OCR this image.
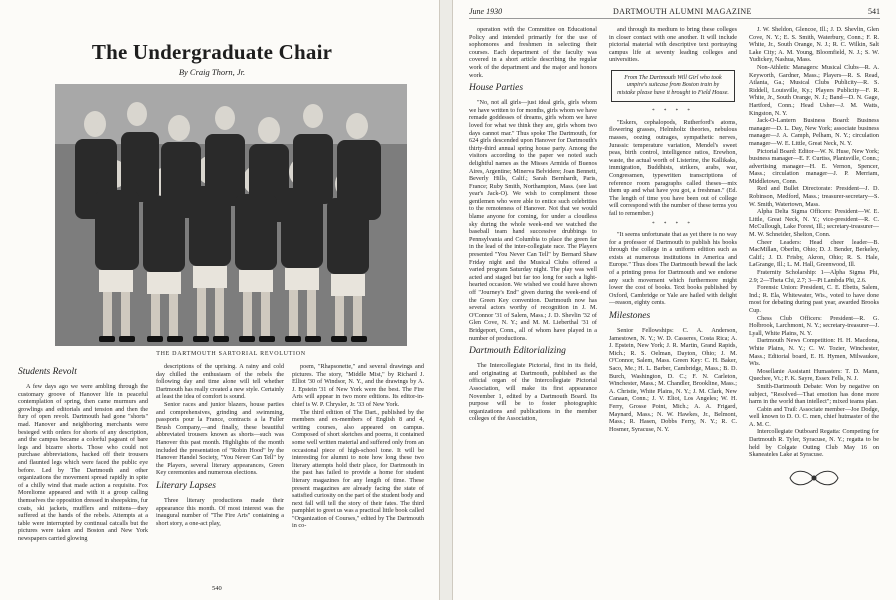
The Undergraduate Chair
By Craig Thorn, Jr.
THE DARTMOUTH SARTORIAL REVOLUTION
Students Revolt

A few days ago we were ambling through the customary groove of Hanover life in peaceful contemplation of spring, then came murmurs and growlings and editorials and tension and then the fury of open revolt. Dartmouth had gone "shorts" mad. Hanover and neighboring merchants were besieged with orders for shorts of any description, and the campus became a colorful pageant of bare legs and bizarre shorts. Those who could not purchase abbreviations, hacked off their trousers and flaunted legs which were faced the public eye before. Led by The Dartmouth and other organizations the movement spread rapidly in spite of a chilly wind that made action a requisite. Fox Moreliome appeared and with it a group calling themselves the opposition dressed in sheepskins, fur coats, ski jackets, mufflers and mittens—they suffered at the hands of the rebels. Attempts at a table were interrupted by continual catcalls but the pictures were taken and Boston and New York newspapers carried glowing

descriptions of the uprising. A rainy and cold day chilled the enthusiasm of the rebels the following day and time alone will tell whether Dartmouth has really created a new style. Certainly at least the idea of comfort is sound.

Senior races and junior blazers, house parties and comprehensives, grinding and swimming, passports pour la France, contracts a la Fuller Brush Company,—and finally, these beautiful abbreviated trousers known as shorts—such was Hanover this past month. Highlights of the month included the presentation of "Robin Hood" by the Hanover Handel Society, "You Never Can Tell" by the Players, several literary appearances, Green Key ceremonies and numerous elections.

Literary Lapses

Three literary productions made their appearance this month. Of most interest was the inaugural number of "The Fire Arts" containing a short story, a one-act play,

poem, "Rhapsonette," and several drawings and pictures. The story, "Middle Mist," by Richard J. Elliot '30 of Windsor, N. Y., and the drawings by A. J. Epstein '31 of New York were the best. The Fire Arts will appear in two more editions. Its editor-in-chief is W. P. Chrysler, Jr. '33 of New York.

The third edition of The Dart., published by the members and ex-members of English 8 and 4, writing courses, also appeared on campus. Composed of short sketches and poems, it contained some well written material and suffered only from an occasional piece of high-school tone. It will be interesting for alumni to note how long these two literary attempts hold their place, for Dartmouth in the past has failed to provide a home for student literary magazines for any length of time. These present magazines are already facing the state of satisfied curiosity on the part of the student body and next fall will tell the story of their fates. The third pamphlet to greet us was a practical little book called "Organization of Courses," edited by The Dartmouth in co-

540
June 1930	DARTMOUTH ALUMNI MAGAZINE	541

operation with the Committee on Educational Policy and intended primarily for the use of sophomores and freshmen in selecting their courses. Each department of the faculty was covered in a short article describing the regular work of the department and the major and honors work.

House Parties

"No, not all girls—just ideal girls, girls whom we have written to for months, girls whom we have remade goddesses of dreams, girls whom we have loved for what we think they are, girls whom two days cannot mar." Thus spoke The Dartmouth, for 624 girls descended upon Hanover for Dartmouth's thirty-third annual spring house party. Among the visitors according to the paper we noted such delightful names as the Misses Armida of Buenos Aires, Argentine; Minerva Belvidere; Joan Bennett, Beverly Hills, Calif.; Sarah Bernhardt, Paris, France; Ruby Smith, Northampton, Mass. (see last year's Jack-O). We wish to compliment those gentlemen who were able to entice such celebrities to the remoteness of Hanover. Not that we would blame anyone for coming, for under a cloudless sky during the whole week-end we watched the baseball team hand successive drubbings to Pennsylvania and Columbia to place the green far in the lead of the inter-collegiate race. The Players presented "You Never Can Tell" by Bernard Shaw Friday night and the Musical Clubs offered a varied program Saturday night. The play was well acted and staged but far too long for such a light-hearted occasion. We wished we could have shown off "Journey's End" given during the week-end of the Green Key convention. Dartmouth now has several actors worthy of recognition in J. M. O'Connor '31 of Salem, Mass.; J. D. Shevlin '32 of Glen Cove, N. Y.; and M. M. Lieberthal '31 of Bridgeport, Conn., all of whom have played in a number of productions.

Dartmouth Editorializing

The Intercollegiate Pictorial, first in its field, and originating at Dartmouth, published as the official organ of the Intercollegiate Pictorial Association, will make its first appearance November 1, edited by a Dartmouth Board. Its purpose will be to foster photographic organizations and publications in the member colleges of the Association,

and through its medium to bring these colleges in closer contact with one another. It will include pictorial material with descriptive text portraying campus life at seventy leading colleges and universities.

From The Dartmouth Will Girl who took umpire's suitcase from Boston train by mistake please have it brought to Field House.
* * * *

"Eskers, cephalopods, Rutherford's atoms, flowering grasses, Helmholtz theories, nebulous masses, oozing outrages, sympathetic nerves, Jurassic temperature variation, Mendel's sweet peas, birth control, intelligence ratios, Erewhon, waste, the actual worth of Listerine, the Kallikaks, immigration, Buddhists, strikers, arabs, war, Congressmen, typewritten transcriptions of reference room paragraphs called theses—mix them up and what have you got, a freshman." (Ed. The length of time you have been out of college will correspond with the number of these terms you fail to remember.)

* * * *

"It seems unfortunate that as yet there is no way for a professor of Dartmouth to publish his books through the college in a uniform edition such as exists at numerous institutions in America and Europe." Thus does The Dartmouth bewail the lack of a printing press for Dartmouth and we endorse any such movement which furthermore might lower the cost of books. Text books published by Oxford, Cambridge or Yale are hailed with delight—reason, eighty cents.

Milestones

Senior Fellowships: C. A. Anderson, Jamestown, N. Y.; W. D. Casseres, Costa Rica; A. J. Epstein, New York; J. R. Martin, Grand Rapids, Mich.; R. S. Oelman, Dayton, Ohio; J. M. O'Connor, Salem, Mass. Green Key: C. H. Baker, Saco, Me.; H. L. Barber, Cambridge, Mass.; B. D. Burch, Washington, D. C.; F. N. Carleton, Winchester, Mass.; M. Chandler, Brookline, Mass.; A. Christie, White Plains, N. Y.; J. M. Clark, New Canaan, Conn.; J. V. Eliot, Los Angeles; W. H. Ferry, Grosse Point, Mich.; A. A. Frigard, Maynard, Mass.; N. W. Hawkes, Jr., Belmont, Mass.; R. Hasen, Dobbs Ferry, N. Y.; R. C. Hosmer, Syracuse, N. Y.

J. W. Sheldon, Glencoe, Ill.; J. D. Shevlin, Glen Cove, N. Y.; E. S. Smith, Waterbury, Conn.; F. R. White, Jr., South Orange, N. J.; R. C. Wilkin, Salt Lake City; A. M. Young, Bloomfield, N. J.; S. W. Yudickey, Nashua, Mass.

Non-Athletic Managers: Musical Clubs—R. A. Keyworth, Gardner, Mass.; Players—R. S. Read, Atlanta, Ga.; Musical Clubs Publicity—R. S. Riddell, Louisville, Ky.; Players Publicity—F. R. White, Jr., South Orange, N. J.; Band—D. N. Gage, Hartford, Conn.; Head Usher—J. M. Watts, Kingston, N. Y.

Jack-O-Lantern Business Board: Business manager—D. L. Day, New York; associate business manager—J. A. Camph, Pelham, N. Y.; circulation manager—W. E. Little, Great Neck, N. Y.

Pictorial Board: Editor—W. N. Huse, New York; business manager—E. F. Curtiss, Plantsville, Conn.; advertising manager—H. E. Vernon, Spencer, Mass.; circulation manager—J. P. Merriam, Middletown, Conn.

Red and Bullet Directorate: President—J. D. Robinson, Medford, Mass.; treasurer-secretary—S. W. Smith, Watertown, Mass.

Alpha Delta Sigma Officers: President—W. E. Little, Great Neck, N. Y.; vice-president—R. C. McCullough, Lake Forest, Ill.; secretary-treasurer—M. W. Schneider, Shelton, Conn.

Cheer Leaders: Head cheer leader—B. MacMillan, Oberlin, Ohio; D. J. Bender, Berkeley, Calif.; J. D. Frisby, Akron, Ohio; R. S. Hale, LaGrange, Ill.; L. M. Hall, Greenwood, Ill.

Fraternity Scholarship: 1—Alpha Sigma Phi, 2.9; 2—Theta Chi, 2.7; 3—Pi Lambda Phi, 2.6.

Forensic Union: President, C. E. Ebetts, Salem, Ind.; R. Ela, Whitewater, Wis., voted to have done most for debating during past year, awarded Brooks Cup.

Chess Club Officers: President—R. G. Holbrook, Larchmont, N. Y.; secretary-treasurer—J. Lyall, White Plains, N. Y.

Dartmouth News Competition: H. H. Macdona, White Plains, N. Y.; C. W. Tozier, Winchester, Mass.; Editorial board, E. H. Hymen, Milwaukee, Wis.

Mosellanie Assistant Humasters: T. D. Mann, Quechee, Vt.; F. K. Sayre, Essex Fells, N. J.

Smith-Dartmouth Debate: Won by negative on subject, "Resolved—That emotion has done more harm in the world than intellect"; mixed teams plan.

Cabin and Trail: Associate member—Joe Dodge, well known to D. O. C. men, chief hutmaster of the A. M. C.

Intercollegiate Outboard Regatta: Competing for Dartmouth R. Tyler, Syracuse, N. Y.; regatta to be held by Colgate Outing Club May 16 on Skaneateles Lake at Syracuse.
